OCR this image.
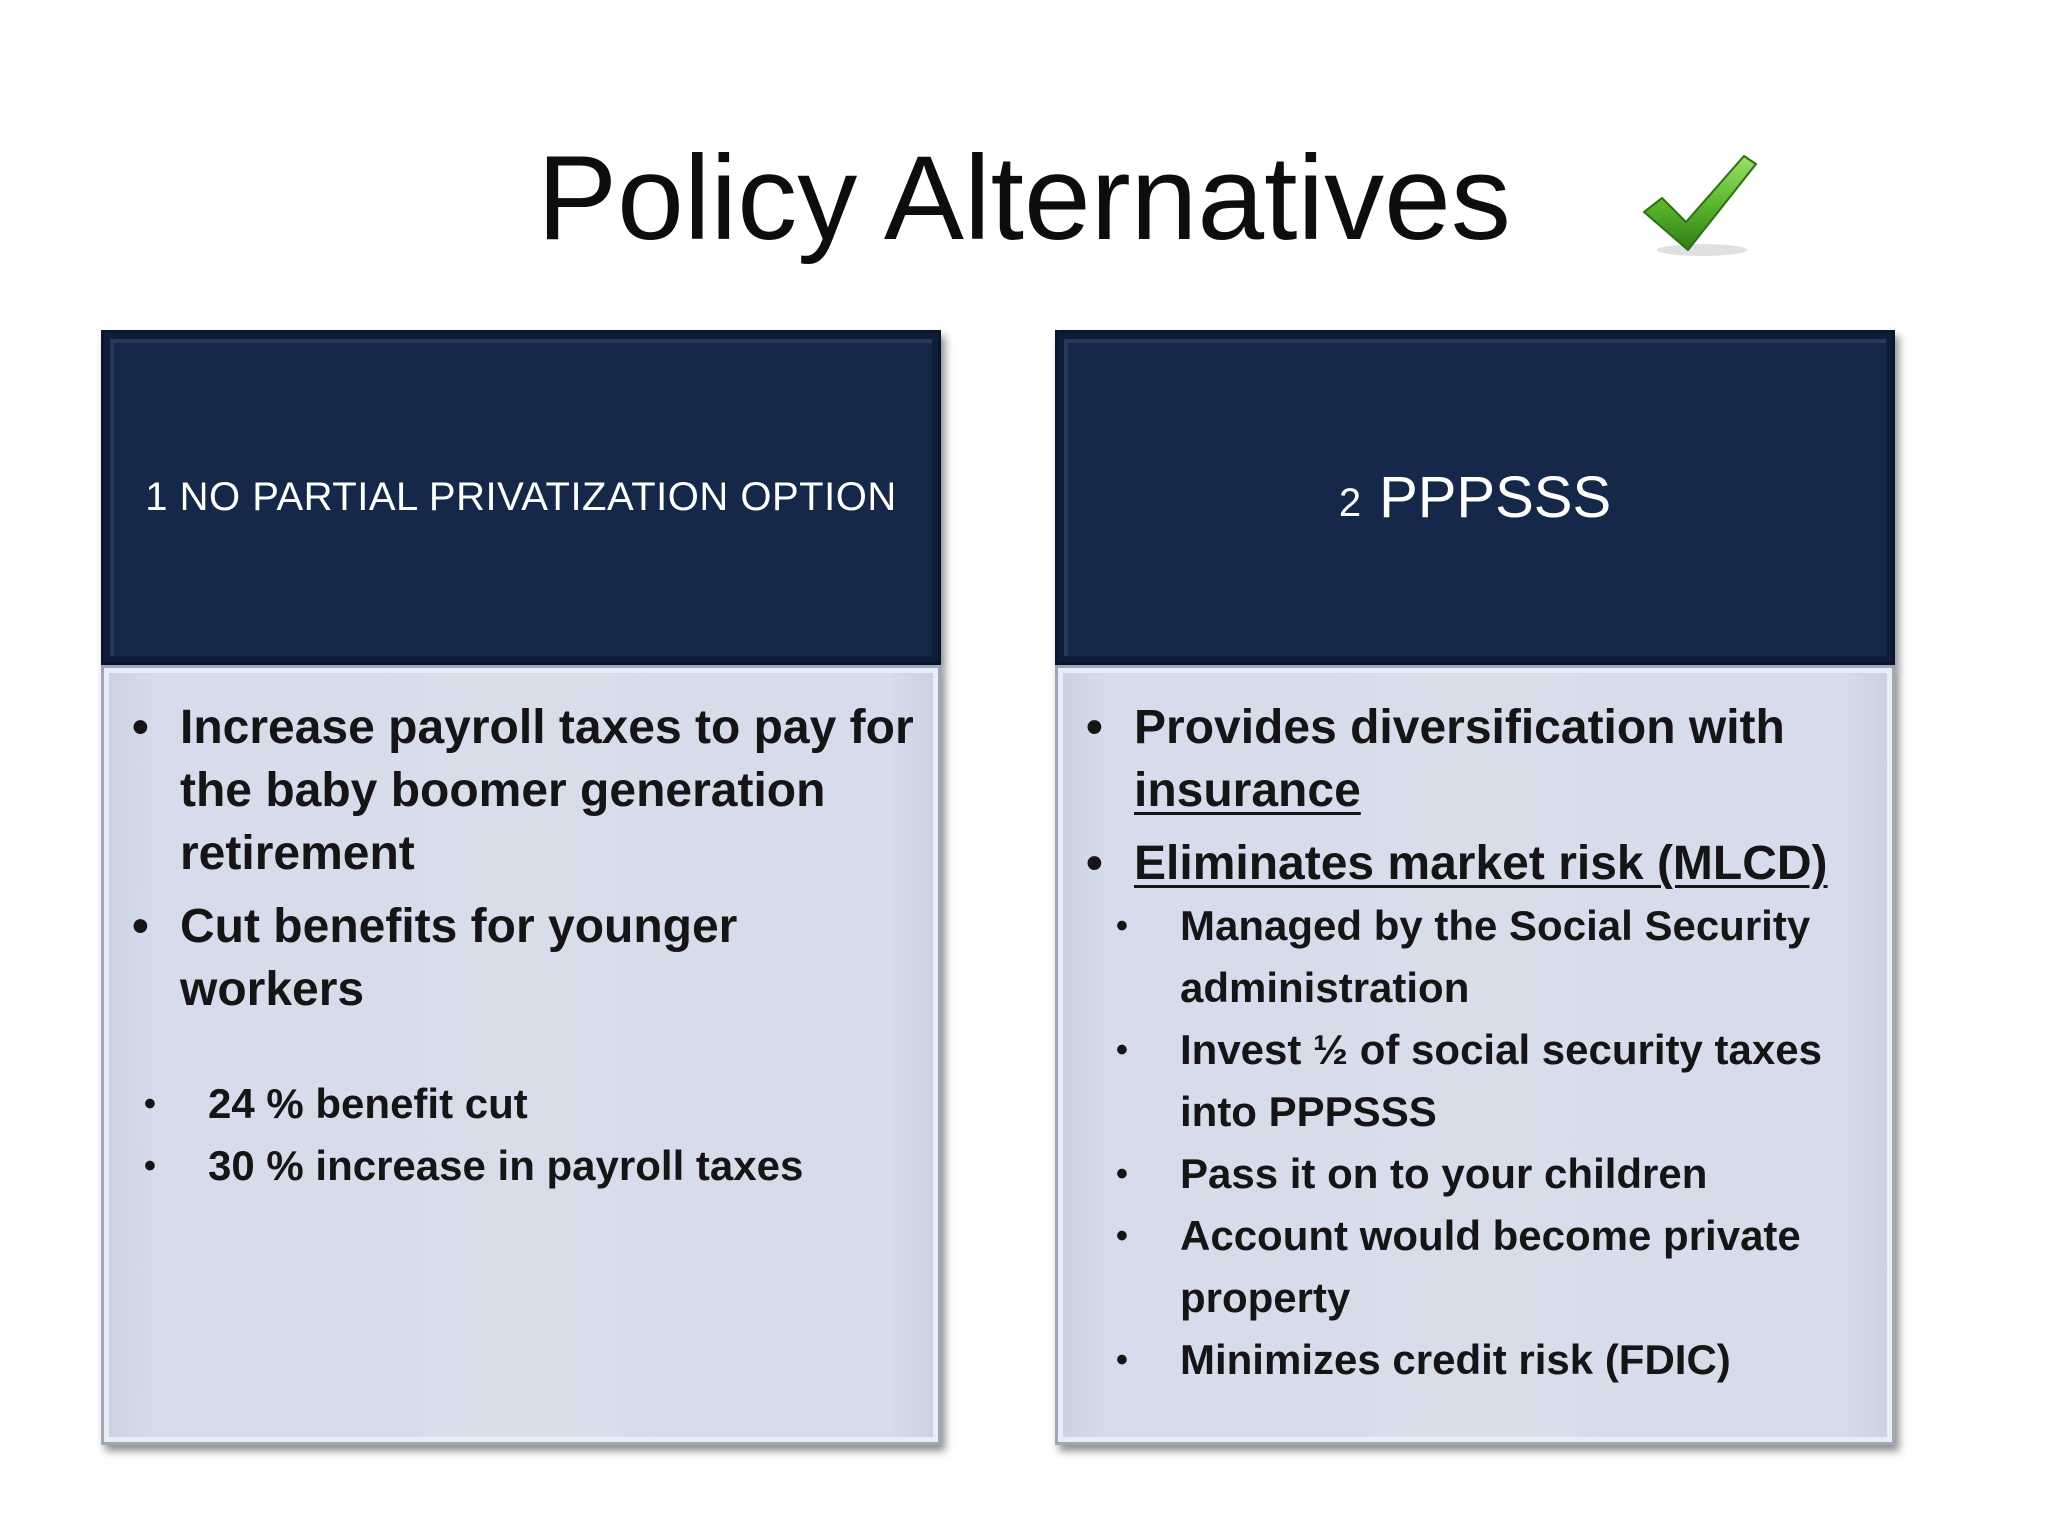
Policy Alternatives
1 NO PARTIAL PRIVATIZATION OPTION
• Increase payroll taxes to pay for the baby boomer generation retirement
• Cut benefits for younger workers
• 24 % benefit cut
• 30 % increase in payroll taxes
2 PPPSSS
• Provides diversification with insurance
• Eliminates market risk (MLCD)
• Managed by the Social Security administration
• Invest ½ of social security taxes into PPPSSS
• Pass it on to your children
• Account would become private property
• Minimizes credit risk (FDIC)
